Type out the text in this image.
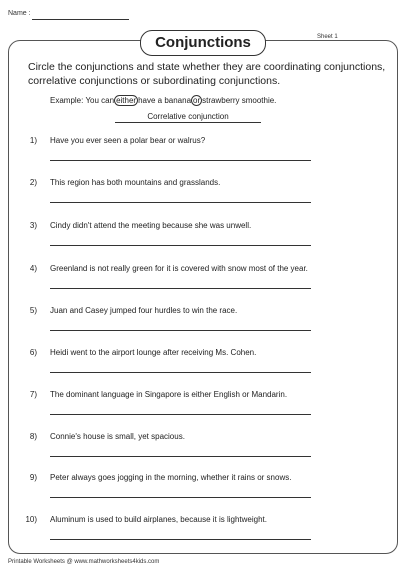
Name :
Conjunctions	Sheet 1
Circle the conjunctions and state whether they are coordinating conjunctions, correlative conjunctions or subordinating conjunctions.
Example: You can either have a banana or strawberry smoothie.
Correlative conjunction
1) Have you ever seen a polar bear or walrus?
2) This region has both mountains and grasslands.
3) Cindy didn't attend the meeting because she was unwell.
4) Greenland is not really green for it is covered with snow most of the year.
5) Juan and Casey jumped four hurdles to win the race.
6) Heidi went to the airport lounge after receiving Ms. Cohen.
7) The dominant language in Singapore is either English or Mandarin.
8) Connie's house is small, yet spacious.
9) Peter always goes jogging in the morning, whether it rains or snows.
10) Aluminum is used to build airplanes, because it is lightweight.
Printable Worksheets @ www.mathworksheets4kids.com
